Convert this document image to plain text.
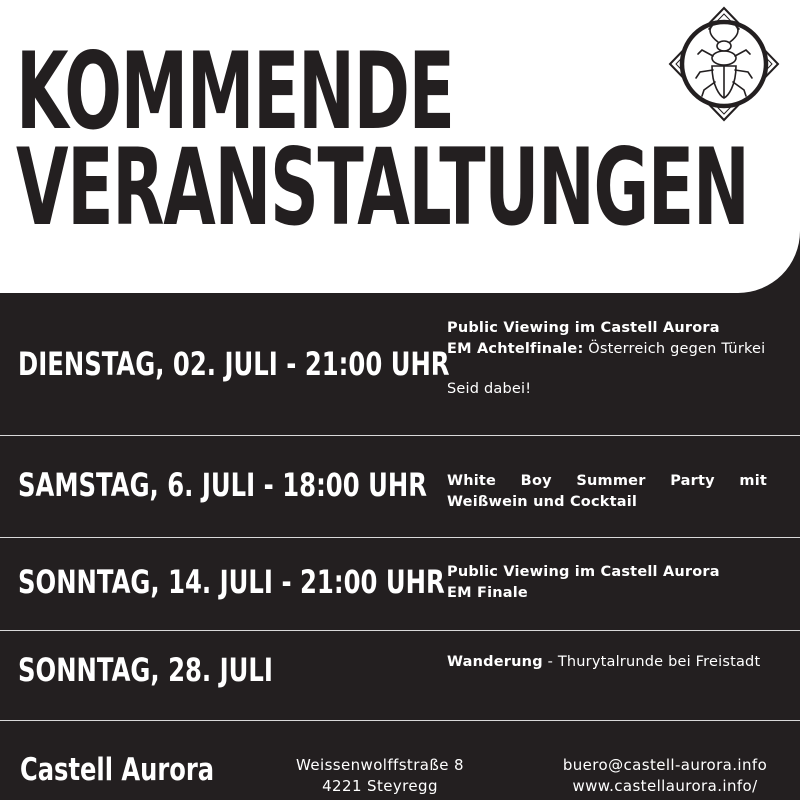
KOMMENDE
VERANSTALTUNGEN
DIENSTAG, 02. JULI - 21:00 UHR
Public Viewing im Castell Aurora
EM Achtelfinale: Österreich gegen Türkei
Seid dabei!
SAMSTAG, 6. JULI - 18:00 UHR White Boy Summer Party mit Weißwein und Cocktail
SONNTAG, 14. JULI - 21:00 UHR Public Viewing im Castell Aurora
EM Finale
SONNTAG, 28. JULI	Wanderung - Thurytalrunde bei Freistadt
Castell Aurora	Weissenwolffstraße 8
4221 Steyregg
buero@castell-aurora.info
www.castellaurora.info/
